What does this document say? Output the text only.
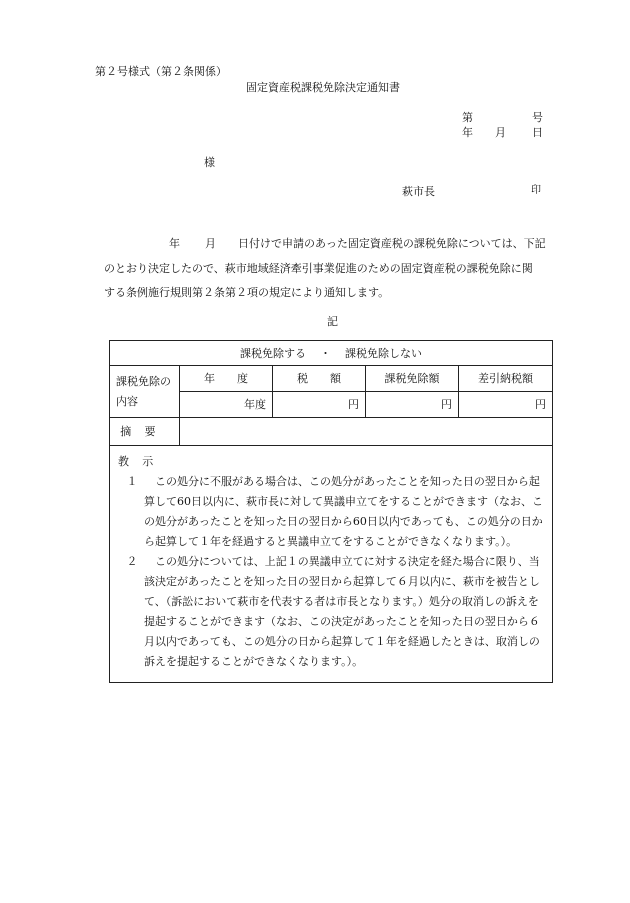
第２号様式（第２条関係）
固定資産税課税免除決定通知書
第	号
年 月 日
様
萩市長	印
年 月 日付けで申請のあった固定資産税の課税免除については、下記
のとおり決定したので、萩市地域経済牽引事業促進のための固定資産税の課税免除に関
する条例施行規則第２条第２項の規定により通知します。
記
課税免除する ・ 課税免除しない				

課税免除の
内容	年　　度	税　　額	課税免除額	差引納税額
	年度	円	円	円
摘要				

教示
１ この処分に不服がある場合は、この処分があったことを知った日の翌日から起算して60日以内に、萩市長に対して異議申立てをすることができます（なお、この処分があったことを知った日の翌日から60日以内であっても、この処分の日から起算して１年を経過すると異議申立てをすることができなくなります。）。
２ この処分については、上記１の異議申立てに対する決定を経た場合に限り、当該決定があったことを知った日の翌日から起算して６月以内に、萩市を被告として、（訴訟において萩市を代表する者は市長となります。）処分の取消しの訴えを提起することができます（なお、この決定があったことを知った日の翌日から６月以内であっても、この処分の日から起算して１年を経過したときは、取消しの訴えを提起することができなくなります。）。				
